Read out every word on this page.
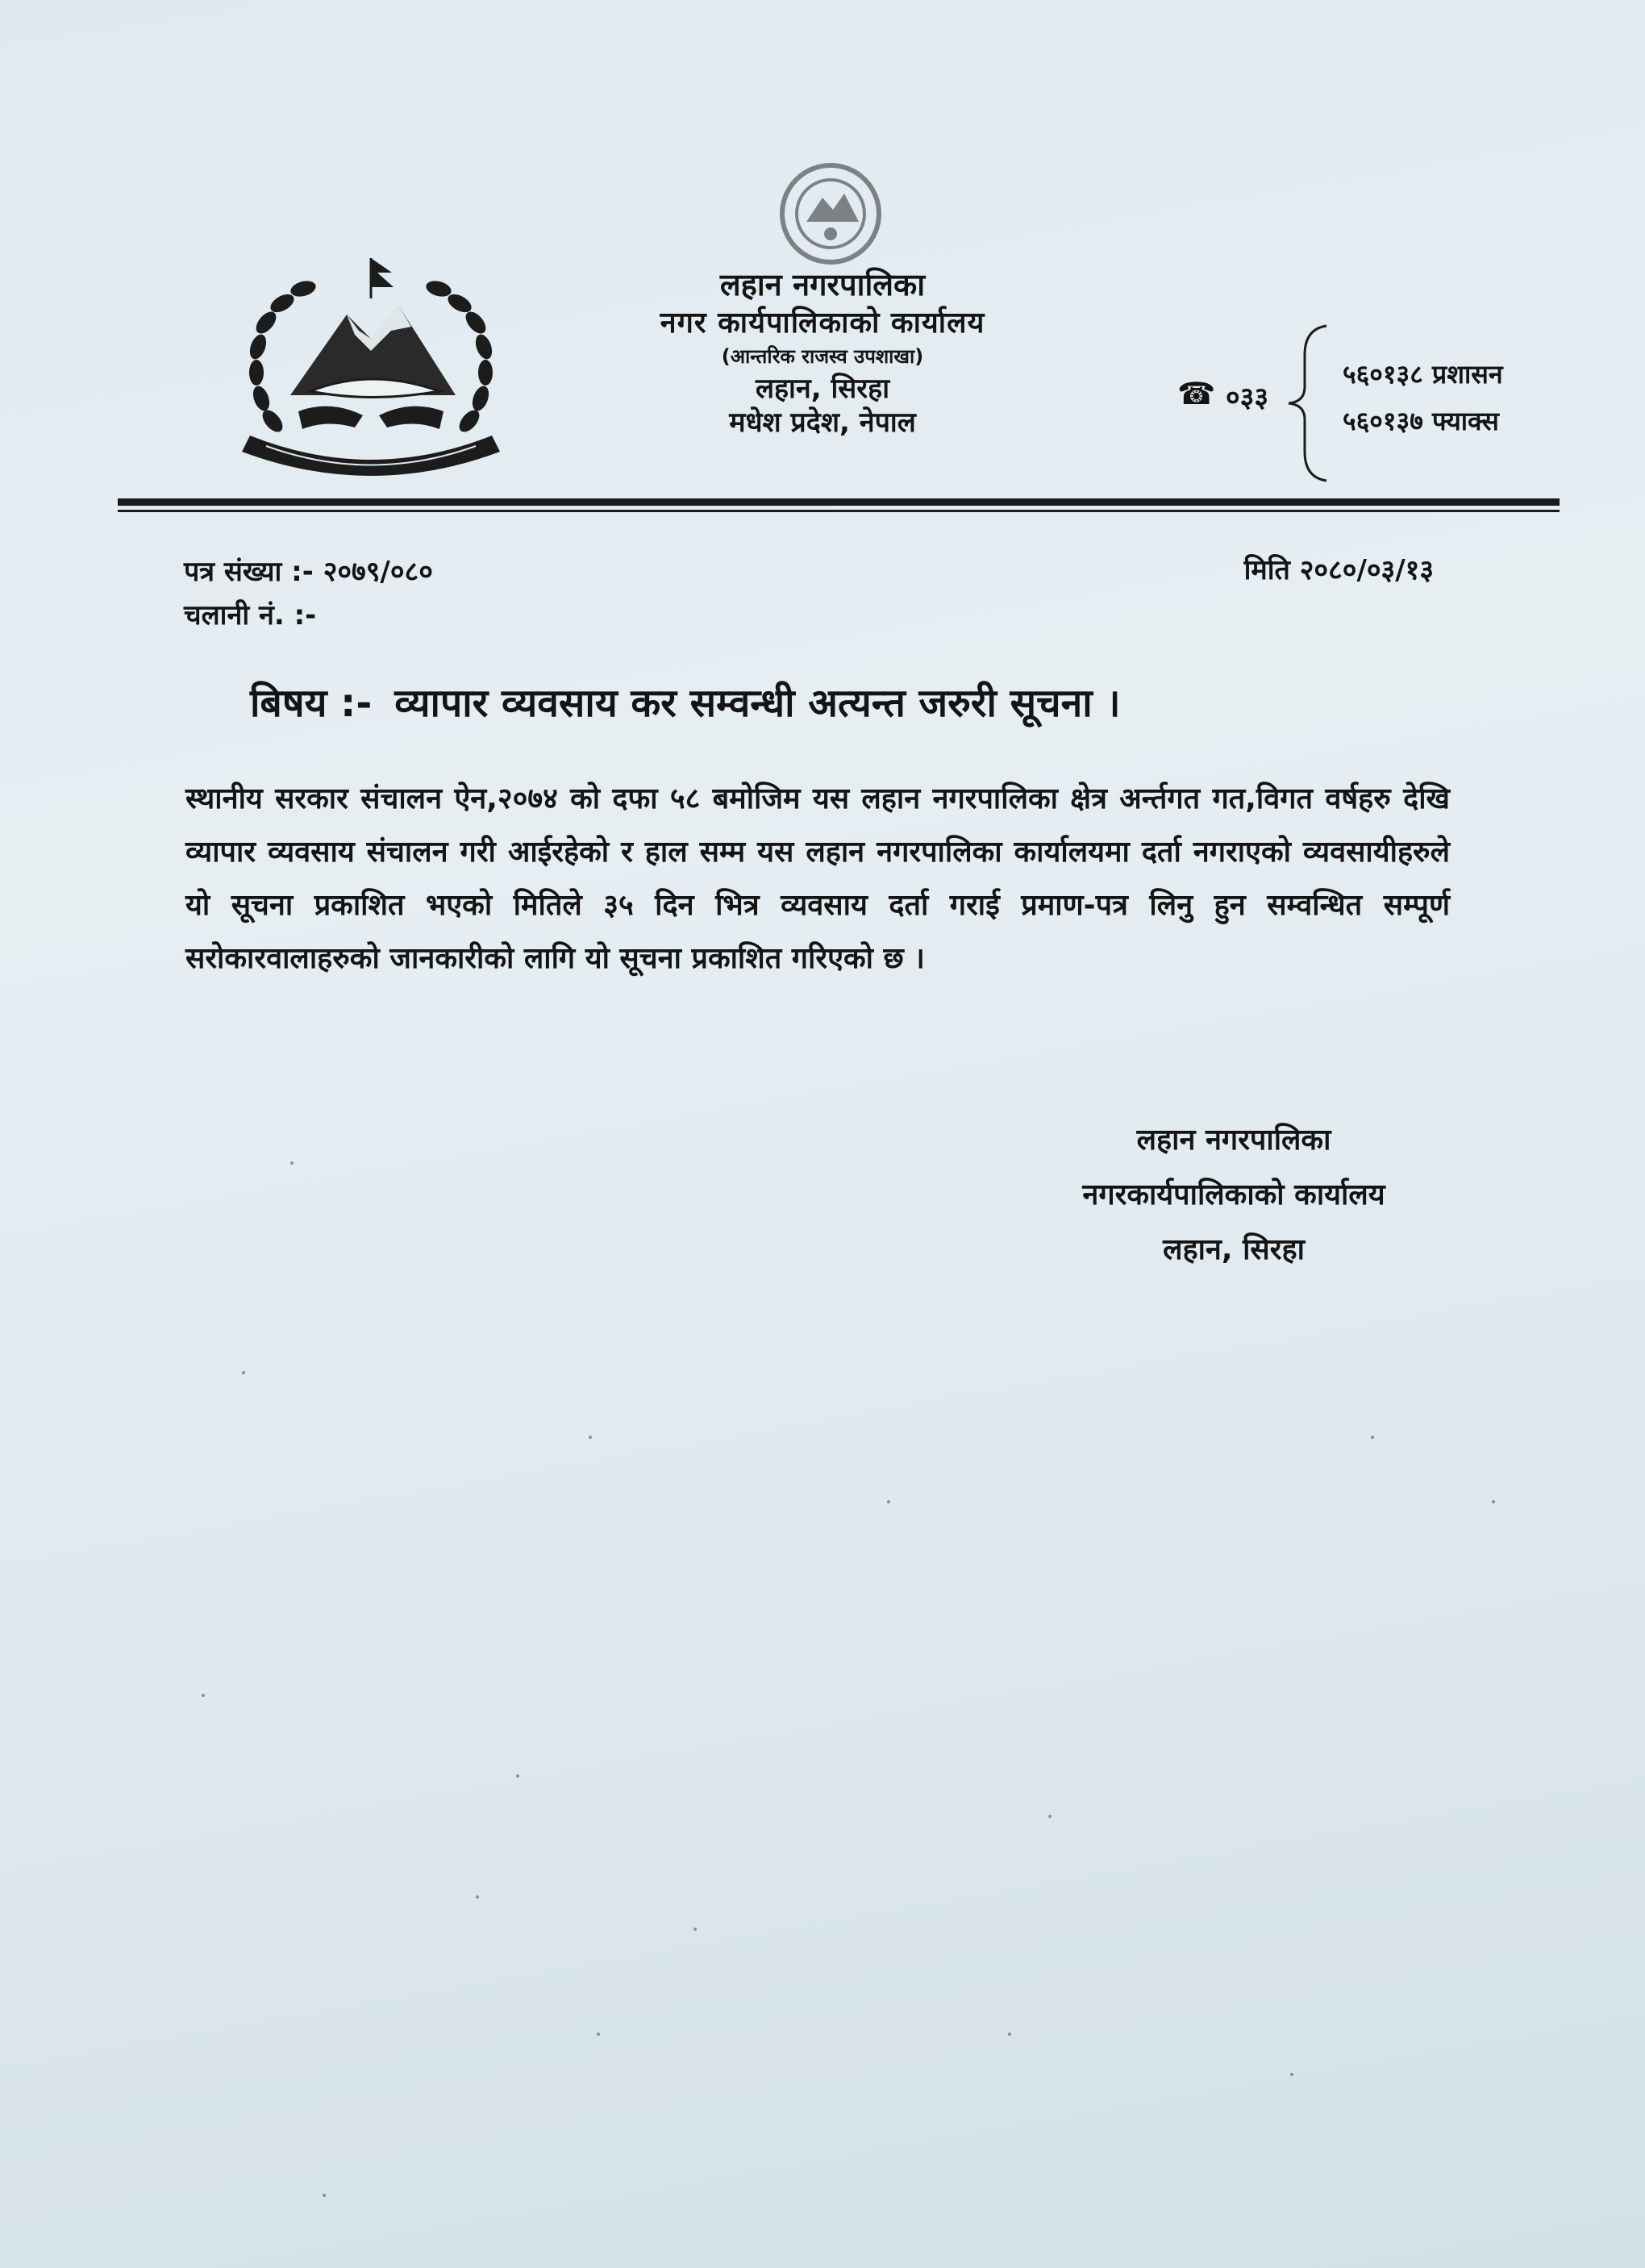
लहान नगरपालिका
नगर कार्यपालिकाको कार्यालय
(आन्तरिक राजस्व उपशाखा)
लहान, सिरहा
मधेश प्रदेश, नेपाल
☎ ०३३
५६०१३८ प्रशासन
५६०१३७ फ्याक्स
पत्र संख्या :- २०७९/०८०
चलानी नं. :-
मिति २०८०/०३/१३
बिषय :- व्यापार व्यवसाय कर सम्वन्धी अत्यन्त जरुरी सूचना ।
स्थानीय सरकार संचालन ऐन,२०७४ को दफा ५८ बमोजिम यस लहान नगरपालिका क्षेत्र अर्न्तगत गत,विगत वर्षहरु देखि व्यापार व्यवसाय संचालन गरी आईरहेको र हाल सम्म यस लहान नगरपालिका कार्यालयमा दर्ता नगराएको व्यवसायीहरुले यो सूचना प्रकाशित भएको मितिले ३५ दिन भित्र व्यवसाय दर्ता गराई प्रमाण-पत्र लिनु हुन सम्वन्धित सम्पूर्ण सरोकारवालाहरुको जानकारीको लागि यो सूचना प्रकाशित गरिएको छ ।
लहान नगरपालिका
नगरकार्यपालिकाको कार्यालय
लहान, सिरहा
